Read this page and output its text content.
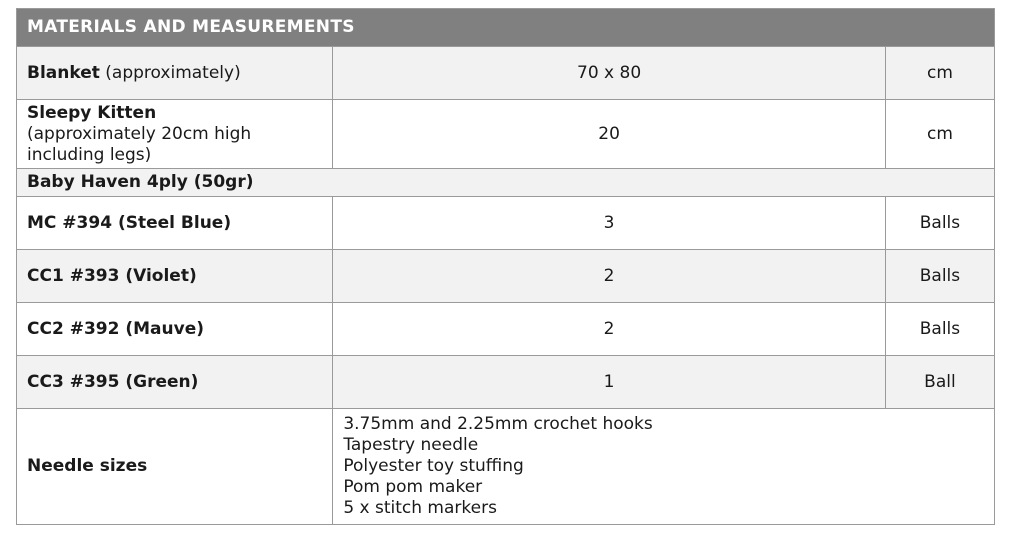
MATERIALS AND MEASUREMENTS		
Blanket (approximately)	70 x 80	cm

Sleepy Kitten
(approximately 20cm high including legs)	20	cm
Baby Haven 4ply (50gr)		
MC #394 (Steel Blue)	3	Balls
CC1 #393 (Violet)	2	Balls
CC2 #392 (Mauve)	2	Balls
CC3 #395 (Green)	1	Ball
Needle sizes	3.75mm and 2.25mm crochet hooks
Tapestry needle
Polyester toy stuffing
Pom pom maker
5 x stitch markers	
